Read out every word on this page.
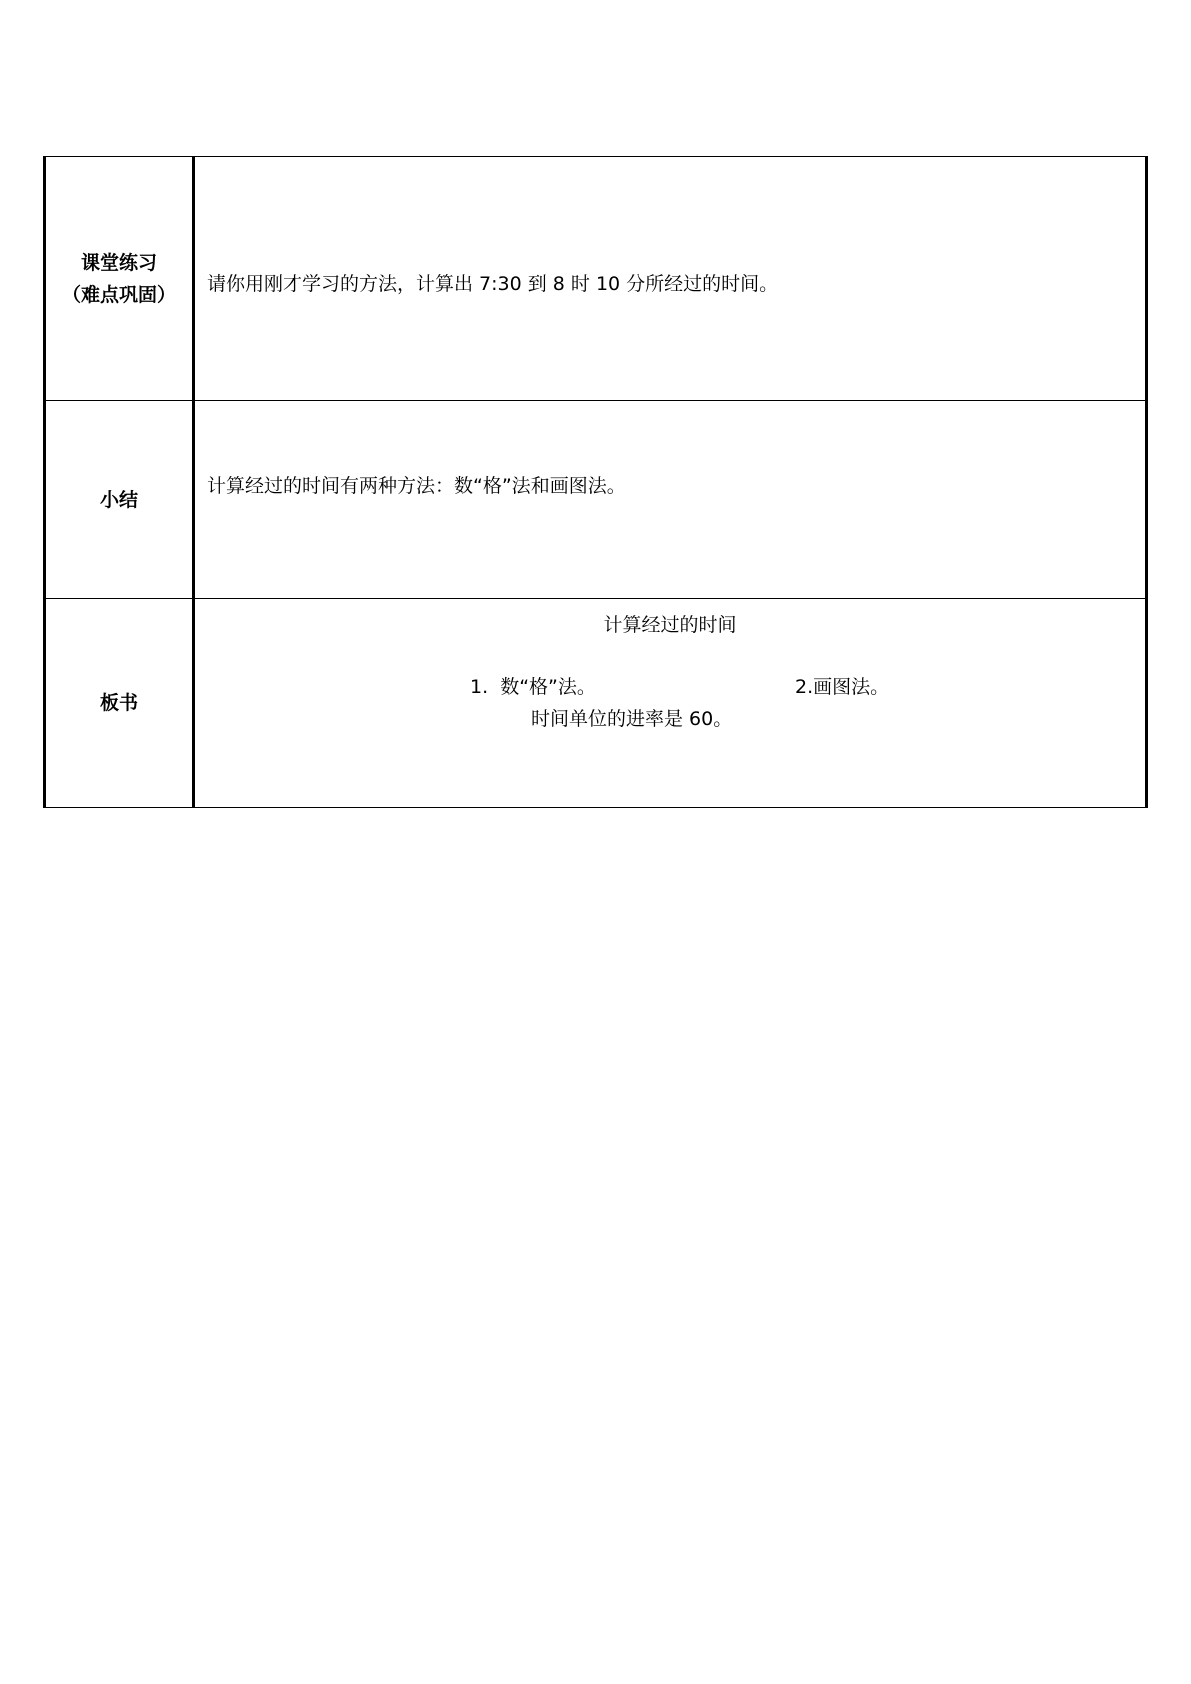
课堂练习
（难点巩固）	请你用刚才学习的方法，计算出 7:30 到 8 时 10 分所经过的时间。

小结	计算经过的时间有两种方法：数“格”法和画图法。

板书	计算经过的时间
1.  数“格”法。 2.画图法。
时间单位的进率是 60。
